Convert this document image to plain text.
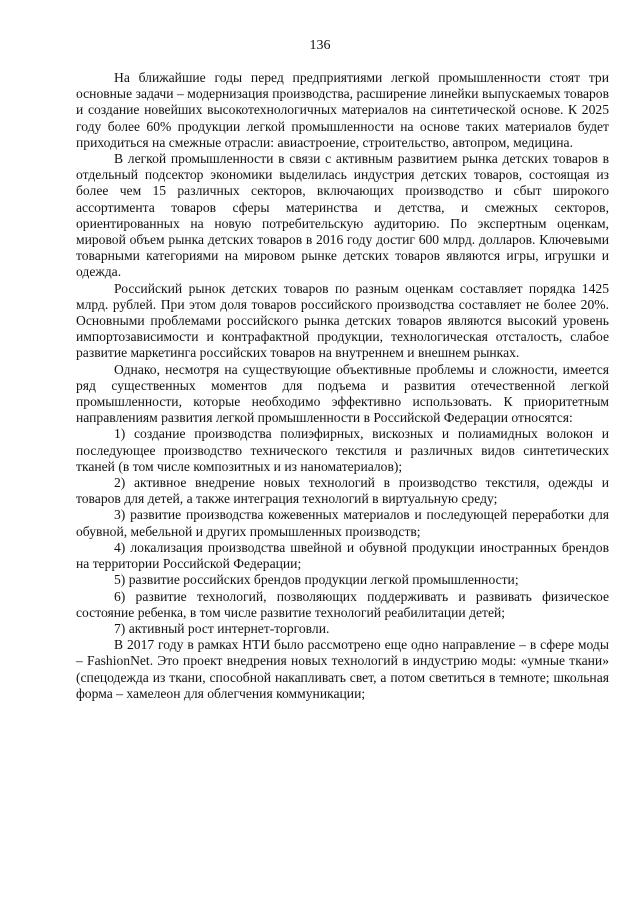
136

На ближайшие годы перед предприятиями легкой промышленности стоят три основные задачи – модернизация производства, расширение линейки выпускаемых товаров и создание новейших высокотехнологичных материалов на синтетической основе. К 2025 году более 60% продукции легкой промышленности на основе таких материалов будет приходиться на смежные отрасли: авиастроение, строительство, автопром, медицина.

В легкой промышленности в связи с активным развитием рынка детских товаров в отдельный подсектор экономики выделилась индустрия детских товаров, состоящая из более чем 15 различных секторов, включающих производство и сбыт широкого ассортимента товаров сферы материнства и детства, и смежных секторов, ориентированных на новую потребительскую аудиторию. По экспертным оценкам, мировой объем рынка детских товаров в 2016 году достиг 600 млрд. долларов. Ключевыми товарными категориями на мировом рынке детских товаров являются игры, игрушки и одежда.

Российский рынок детских товаров по разным оценкам составляет порядка 1425 млрд. рублей. При этом доля товаров российского производства составляет не более 20%. Основными проблемами российского рынка детских товаров являются высокий уровень импортозависимости и контрафактной продукции, технологическая отсталость, слабое развитие маркетинга российских товаров на внутреннем и внешнем рынках.

Однако, несмотря на существующие объективные проблемы и сложности, имеется ряд существенных моментов для подъема и развития отечественной легкой промышленности, которые необходимо эффективно использовать. К приоритетным направлениям развития легкой промышленности в Российской Федерации относятся:

1) создание производства полиэфирных, вискозных и полиамидных волокон и последующее производство технического текстиля и различных видов синтетических тканей (в том числе композитных и из наноматериалов);

2) активное внедрение новых технологий в производство текстиля, одежды и товаров для детей, а также интеграция технологий в виртуальную среду;

3) развитие производства кожевенных материалов и последующей переработки для обувной, мебельной и других промышленных производств;

4) локализация производства швейной и обувной продукции иностранных брендов на территории Российской Федерации;

5) развитие российских брендов продукции легкой промышленности;

6) развитие технологий, позволяющих поддерживать и развивать физическое состояние ребенка, в том числе развитие технологий реабилитации детей;

7) активный рост интернет-торговли.

В 2017 году в рамках НТИ было рассмотрено еще одно направление – в сфере моды – FashionNet. Это проект внедрения новых технологий в индустрию моды: «умные ткани» (спецодежда из ткани, способной накапливать свет, а потом светиться в темноте; школьная форма – хамелеон для облегчения коммуникации;
